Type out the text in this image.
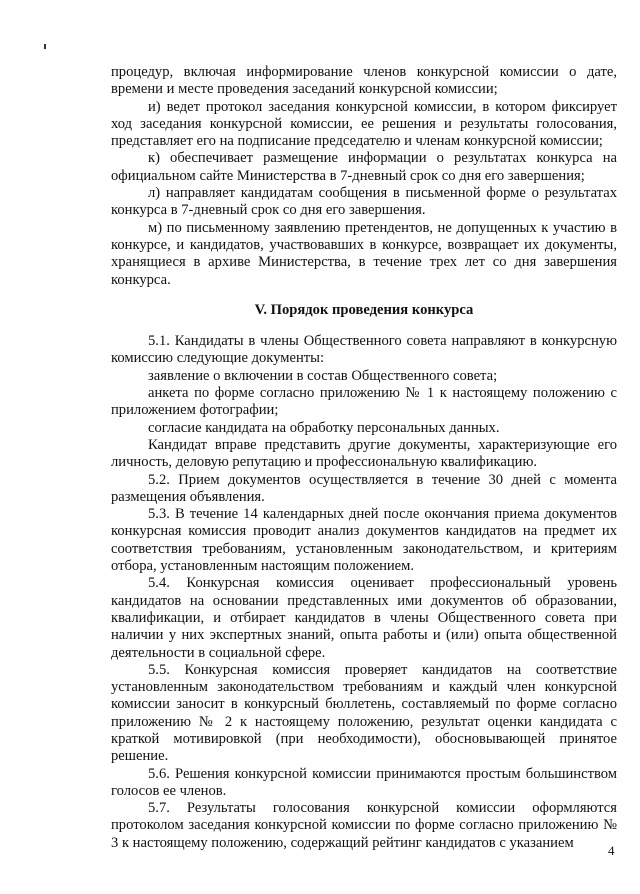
процедур, включая информирование членов конкурсной комиссии о дате, времени и месте проведения заседаний конкурсной комиссии;

и) ведет протокол заседания конкурсной комиссии, в котором фиксирует ход заседания конкурсной комиссии, ее решения и результаты голосования, представляет его на подписание председателю и членам конкурсной комиссии;

к) обеспечивает размещение информации о результатах конкурса на официальном сайте Министерства в 7-дневный срок со дня его завершения;

л) направляет кандидатам сообщения в письменной форме о результатах конкурса в 7-дневный срок со дня его завершения.

м) по письменному заявлению претендентов, не допущенных к участию в конкурсе, и кандидатов, участвовавших в конкурсе, возвращает их документы, хранящиеся в архиве Министерства, в течение трех лет со дня завершения конкурса.

V. Порядок проведения конкурса

5.1. Кандидаты в члены Общественного совета направляют в конкурсную комиссию следующие документы:

заявление о включении в состав Общественного совета;

анкета по форме согласно приложению № 1 к настоящему положению с приложением фотографии;

согласие кандидата на обработку персональных данных.

Кандидат вправе представить другие документы, характеризующие его личность, деловую репутацию и профессиональную квалификацию.

5.2. Прием документов осуществляется в течение 30 дней с момента размещения объявления.

5.3. В течение 14 календарных дней после окончания приема документов конкурсная комиссия проводит анализ документов кандидатов на предмет их соответствия требованиям, установленным законодательством, и критериям отбора, установленным настоящим положением.

5.4. Конкурсная комиссия оценивает профессиональный уровень кандидатов на основании представленных ими документов об образовании, квалификации, и отбирает кандидатов в члены Общественного совета при наличии у них экспертных знаний, опыта работы и (или) опыта общественной деятельности в социальной сфере.

5.5. Конкурсная комиссия проверяет кандидатов на соответствие установленным законодательством требованиям и каждый член конкурсной комиссии заносит в конкурсный бюллетень, составляемый по форме согласно приложению № 2 к настоящему положению, результат оценки кандидата с краткой мотивировкой (при необходимости), обосновывающей принятое решение.

5.6. Решения конкурсной комиссии принимаются простым большинством голосов ее членов.

5.7. Результаты голосования конкурсной комиссии оформляются протоколом заседания конкурсной комиссии по форме согласно приложению № 3 к настоящему положению, содержащий рейтинг кандидатов с указанием	4
